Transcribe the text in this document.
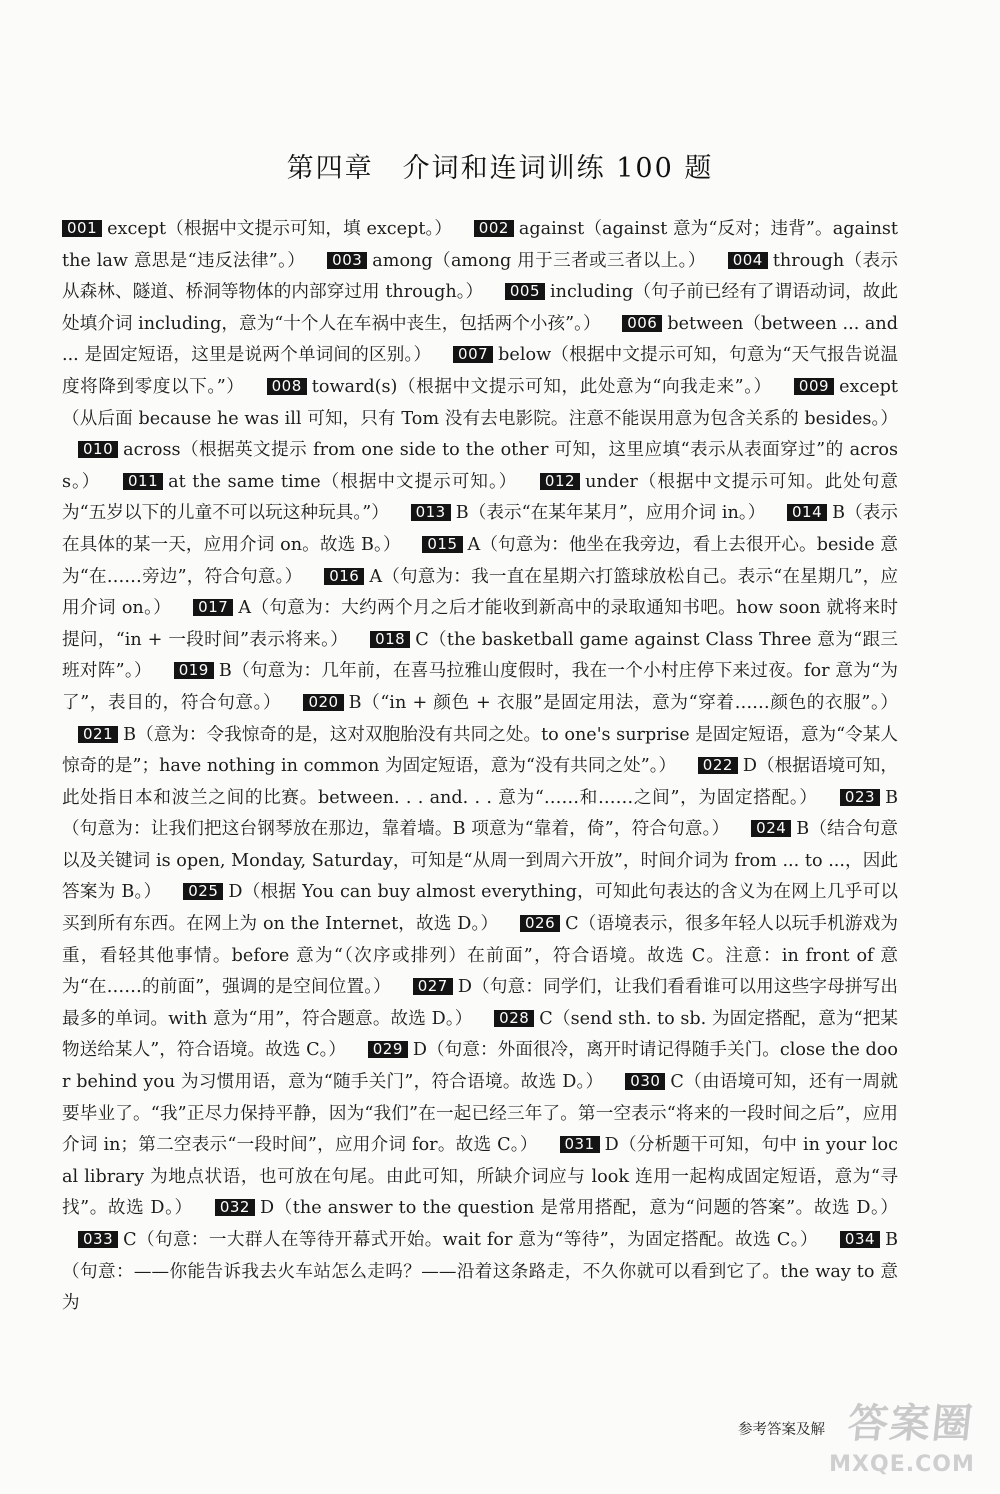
第四章　介词和连词训练 100 题
001 except（根据中文提示可知，填 except。） 002 against（against 意为“反对；违背”。against the law 意思是“违反法律”。） 003 among（among 用于三者或三者以上。） 004 through（表示从森林、隧道、桥洞等物体的内部穿过用 through。） 005 including（句子前已经有了谓语动词，故此处填介词 including，意为“十个人在车祸中丧生，包括两个小孩”。） 006 between（between ... and ... 是固定短语，这里是说两个单词间的区别。） 007 below（根据中文提示可知，句意为“天气报告说温度将降到零度以下。”） 008 toward(s)（根据中文提示可知，此处意为“向我走来”。） 009 except（从后面 because he was ill 可知，只有 Tom 没有去电影院。注意不能误用意为包含关系的 besides。） 010 across（根据英文提示 from one side to the other 可知，这里应填“表示从表面穿过”的 across。） 011 at the same time（根据中文提示可知。） 012 under（根据中文提示可知。此处句意为“五岁以下的儿童不可以玩这种玩具。”） 013 B（表示“在某年某月”，应用介词 in。） 014 B（表示在具体的某一天，应用介词 on。故选 B。） 015 A（句意为：他坐在我旁边，看上去很开心。beside 意为“在……旁边”，符合句意。） 016 A（句意为：我一直在星期六打篮球放松自己。表示“在星期几”，应用介词 on。） 017 A（句意为：大约两个月之后才能收到新高中的录取通知书吧。how soon 就将来时提问，“in + 一段时间”表示将来。） 018 C（the basketball game against Class Three 意为“跟三班对阵”。） 019 B（句意为：几年前，在喜马拉雅山度假时，我在一个小村庄停下来过夜。for 意为“为了”，表目的，符合句意。） 020 B（“in + 颜色 + 衣服”是固定用法，意为“穿着……颜色的衣服”。） 021 B（意为：令我惊奇的是，这对双胞胎没有共同之处。to one's surprise 是固定短语，意为“令某人惊奇的是”；have nothing in common 为固定短语，意为“没有共同之处”。） 022 D（根据语境可知，此处指日本和波兰之间的比赛。between. . . and. . . 意为“……和……之间”，为固定搭配。） 023 B（句意为：让我们把这台钢琴放在那边，靠着墙。B 项意为“靠着，倚”，符合句意。） 024 B（结合句意以及关键词 is open, Monday, Saturday，可知是“从周一到周六开放”，时间介词为 from ... to ...，因此答案为 B。） 025 D（根据 You can buy almost everything，可知此句表达的含义为在网上几乎可以买到所有东西。在网上为 on the Internet，故选 D。） 026 C（语境表示，很多年轻人以玩手机游戏为重，看轻其他事情。before 意为“（次序或排列）在前面”，符合语境。故选 C。注意：in front of 意为“在……的前面”，强调的是空间位置。） 027 D（句意：同学们，让我们看看谁可以用这些字母拼写出最多的单词。with 意为“用”，符合题意。故选 D。） 028 C（send sth. to sb. 为固定搭配，意为“把某物送给某人”，符合语境。故选 C。） 029 D（句意：外面很冷，离开时请记得随手关门。close the door behind you 为习惯用语，意为“随手关门”，符合语境。故选 D。） 030 C（由语境可知，还有一周就要毕业了。“我”正尽力保持平静，因为“我们”在一起已经三年了。第一空表示“将来的一段时间之后”，应用介词 in；第二空表示“一段时间”，应用介词 for。故选 C。） 031 D（分析题干可知，句中 in your local library 为地点状语，也可放在句尾。由此可知，所缺介词应与 look 连用一起构成固定短语，意为“寻找”。故选 D。） 032 D（the answer to the question 是常用搭配，意为“问题的答案”。故选 D。） 033 C（句意：一大群人在等待开幕式开始。wait for 意为“等待”，为固定搭配。故选 C。） 034 B（句意：——你能告诉我去火车站怎么走吗？——沿着这条路走，不久你就可以看到它了。the way to 意为
参考答案及解 答案圈
MXQE.COM
